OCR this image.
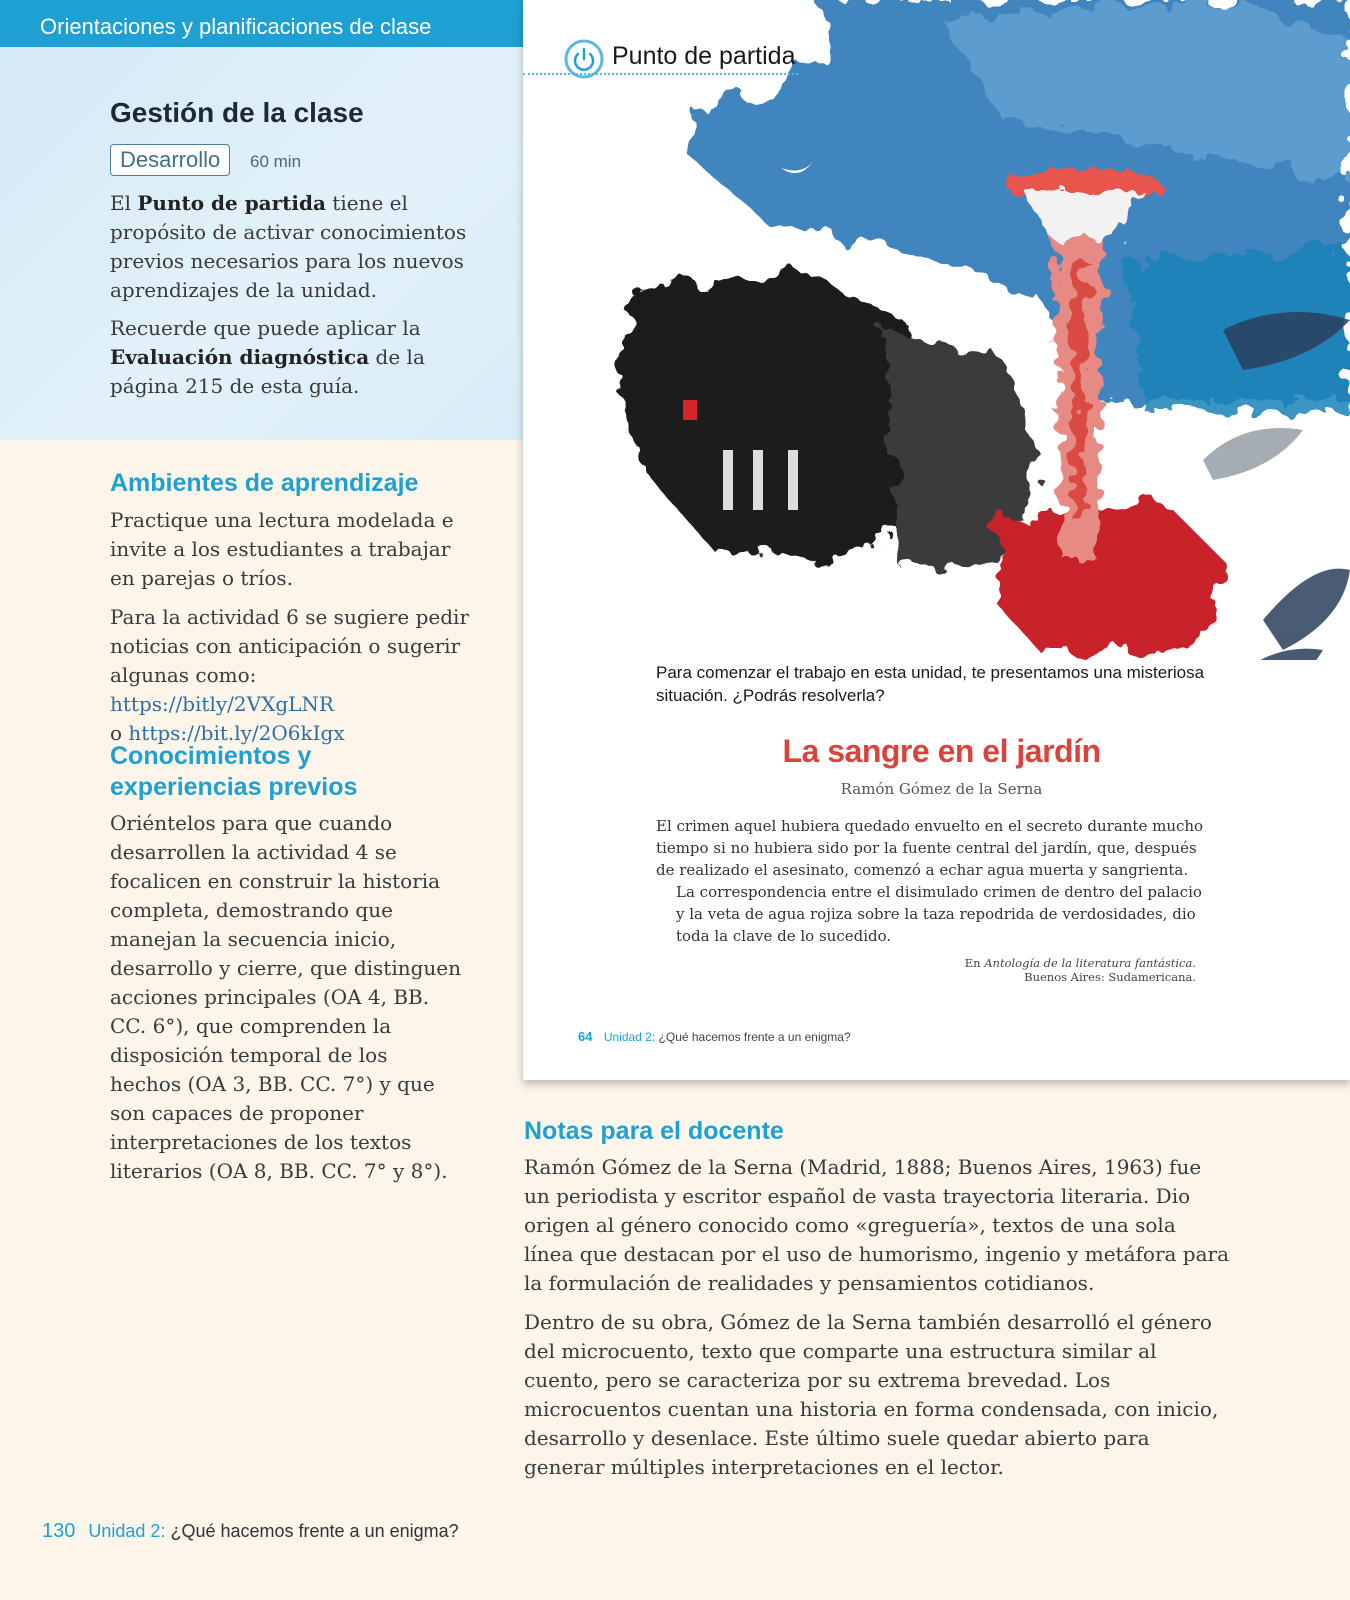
Orientaciones y planificaciones de clase
Gestión de la clase
Desarrollo	60 min

El Punto de partida tiene el propósito de activar conocimientos previos necesarios para los nuevos aprendizajes de la unidad.

Recuerde que puede aplicar la Evaluación diagnóstica de la página 215 de esta guía.

Ambientes de aprendizaje

Practique una lectura modelada e invite a los estudiantes a trabajar en parejas o tríos.

Para la actividad 6 se sugiere pedir noticias con anticipación o sugerir algunas como: https://bitly/2VXgLNR
o https://bit.ly/2O6kIgx

Conocimientos y experiencias previos

Oriéntelos para que cuando desarrollen la actividad 4 se focalicen en construir la historia completa, demostrando que manejan la secuencia inicio, desarrollo y cierre, que distinguen acciones principales (OA 4, BB. CC. 6°), que comprenden la disposición temporal de los hechos (OA 3, BB. CC. 7°) y que son capaces de proponer interpretaciones de los textos literarios (OA 8, BB. CC. 7° y 8°).

Punto de partida

Para comenzar el trabajo en esta unidad, te presentamos una misteriosa situación. ¿Podrás resolverla?

La sangre en el jardín
Ramón Gómez de la Serna
El crimen aquel hubiera quedado envuelto en el secreto durante mucho tiempo si no hubiera sido por la fuente central del jardín, que, después de realizado el asesinato, comenzó a echar agua muerta y sangrienta.
La correspondencia entre el disimulado crimen de dentro del palacio y la veta de agua rojiza sobre la taza repodrida de verdosidades, dio toda la clave de lo sucedido.
En Antología de la literatura fantástica.
Buenos Aires: Sudamericana.
64 Unidad 2: ¿Qué hacemos frente a un enigma?
Notas para el docente

Ramón Gómez de la Serna (Madrid, 1888; Buenos Aires, 1963) fue un periodista y escritor español de vasta trayectoria literaria. Dio origen al género conocido como «greguería», textos de una sola línea que destacan por el uso de humorismo, ingenio y metáfora para la formulación de realidades y pensamientos cotidianos.

Dentro de su obra, Gómez de la Serna también desarrolló el género del microcuento, texto que comparte una estructura similar al cuento, pero se caracteriza por su extrema brevedad. Los microcuentos cuentan una historia en forma condensada, con inicio, desarrollo y desenlace. Este último suele quedar abierto para generar múltiples interpretaciones en el lector.

130 Unidad 2: ¿Qué hacemos frente a un enigma?
